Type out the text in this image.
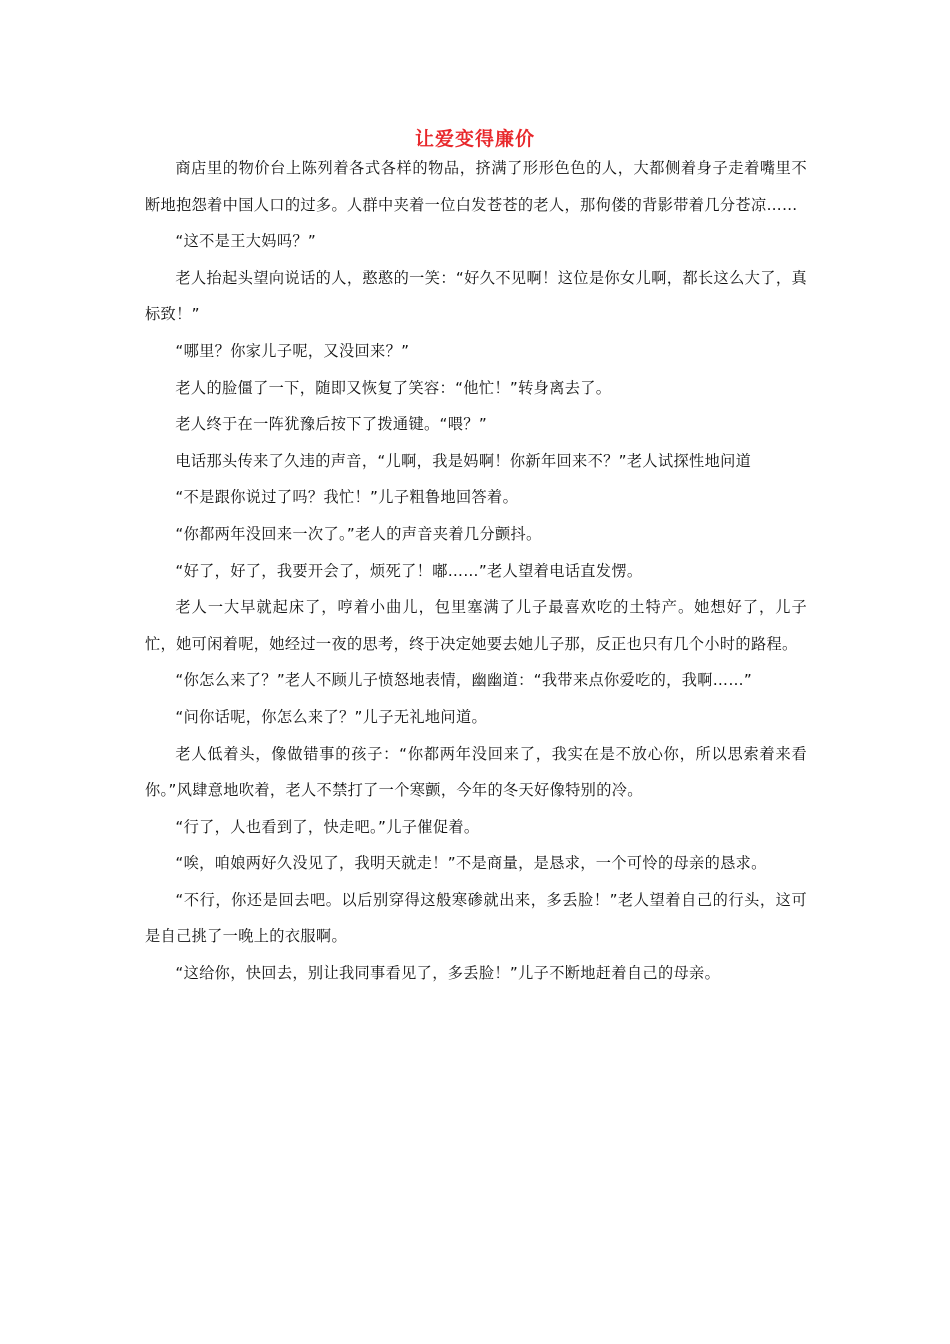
让爱变得廉价

商店里的物价台上陈列着各式各样的物品，挤满了形形色色的人，大都侧着身子走着嘴里不断地抱怨着中国人口的过多。人群中夹着一位白发苍苍的老人，那佝偻的背影带着几分苍凉……

“这不是王大妈吗？”

老人抬起头望向说话的人，憨憨的一笑：“好久不见啊！这位是你女儿啊，都长这么大了，真标致！”

“哪里？你家儿子呢，又没回来？”

老人的脸僵了一下，随即又恢复了笑容：“他忙！”转身离去了。

老人终于在一阵犹豫后按下了拨通键。“喂？”

电话那头传来了久违的声音，“儿啊，我是妈啊！你新年回来不？”老人试探性地问道

“不是跟你说过了吗？我忙！”儿子粗鲁地回答着。

“你都两年没回来一次了。”老人的声音夹着几分颤抖。

“好了，好了，我要开会了，烦死了！嘟……”老人望着电话直发愣。

老人一大早就起床了，哼着小曲儿，包里塞满了儿子最喜欢吃的土特产。她想好了，儿子忙，她可闲着呢，她经过一夜的思考，终于决定她要去她儿子那，反正也只有几个小时的路程。

“你怎么来了？”老人不顾儿子愤怒地表情，幽幽道：“我带来点你爱吃的，我啊……”

“问你话呢，你怎么来了？”儿子无礼地问道。

老人低着头，像做错事的孩子：“你都两年没回来了，我实在是不放心你，所以思索着来看你。”风肆意地吹着，老人不禁打了一个寒颤，今年的冬天好像特别的冷。

“行了，人也看到了，快走吧。”儿子催促着。

“唉，咱娘两好久没见了，我明天就走！”不是商量，是恳求，一个可怜的母亲的恳求。

“不行，你还是回去吧。以后别穿得这般寒碜就出来，多丢脸！”老人望着自己的行头，这可是自己挑了一晚上的衣服啊。

“这给你，快回去，别让我同事看见了，多丢脸！”儿子不断地赶着自己的母亲。
